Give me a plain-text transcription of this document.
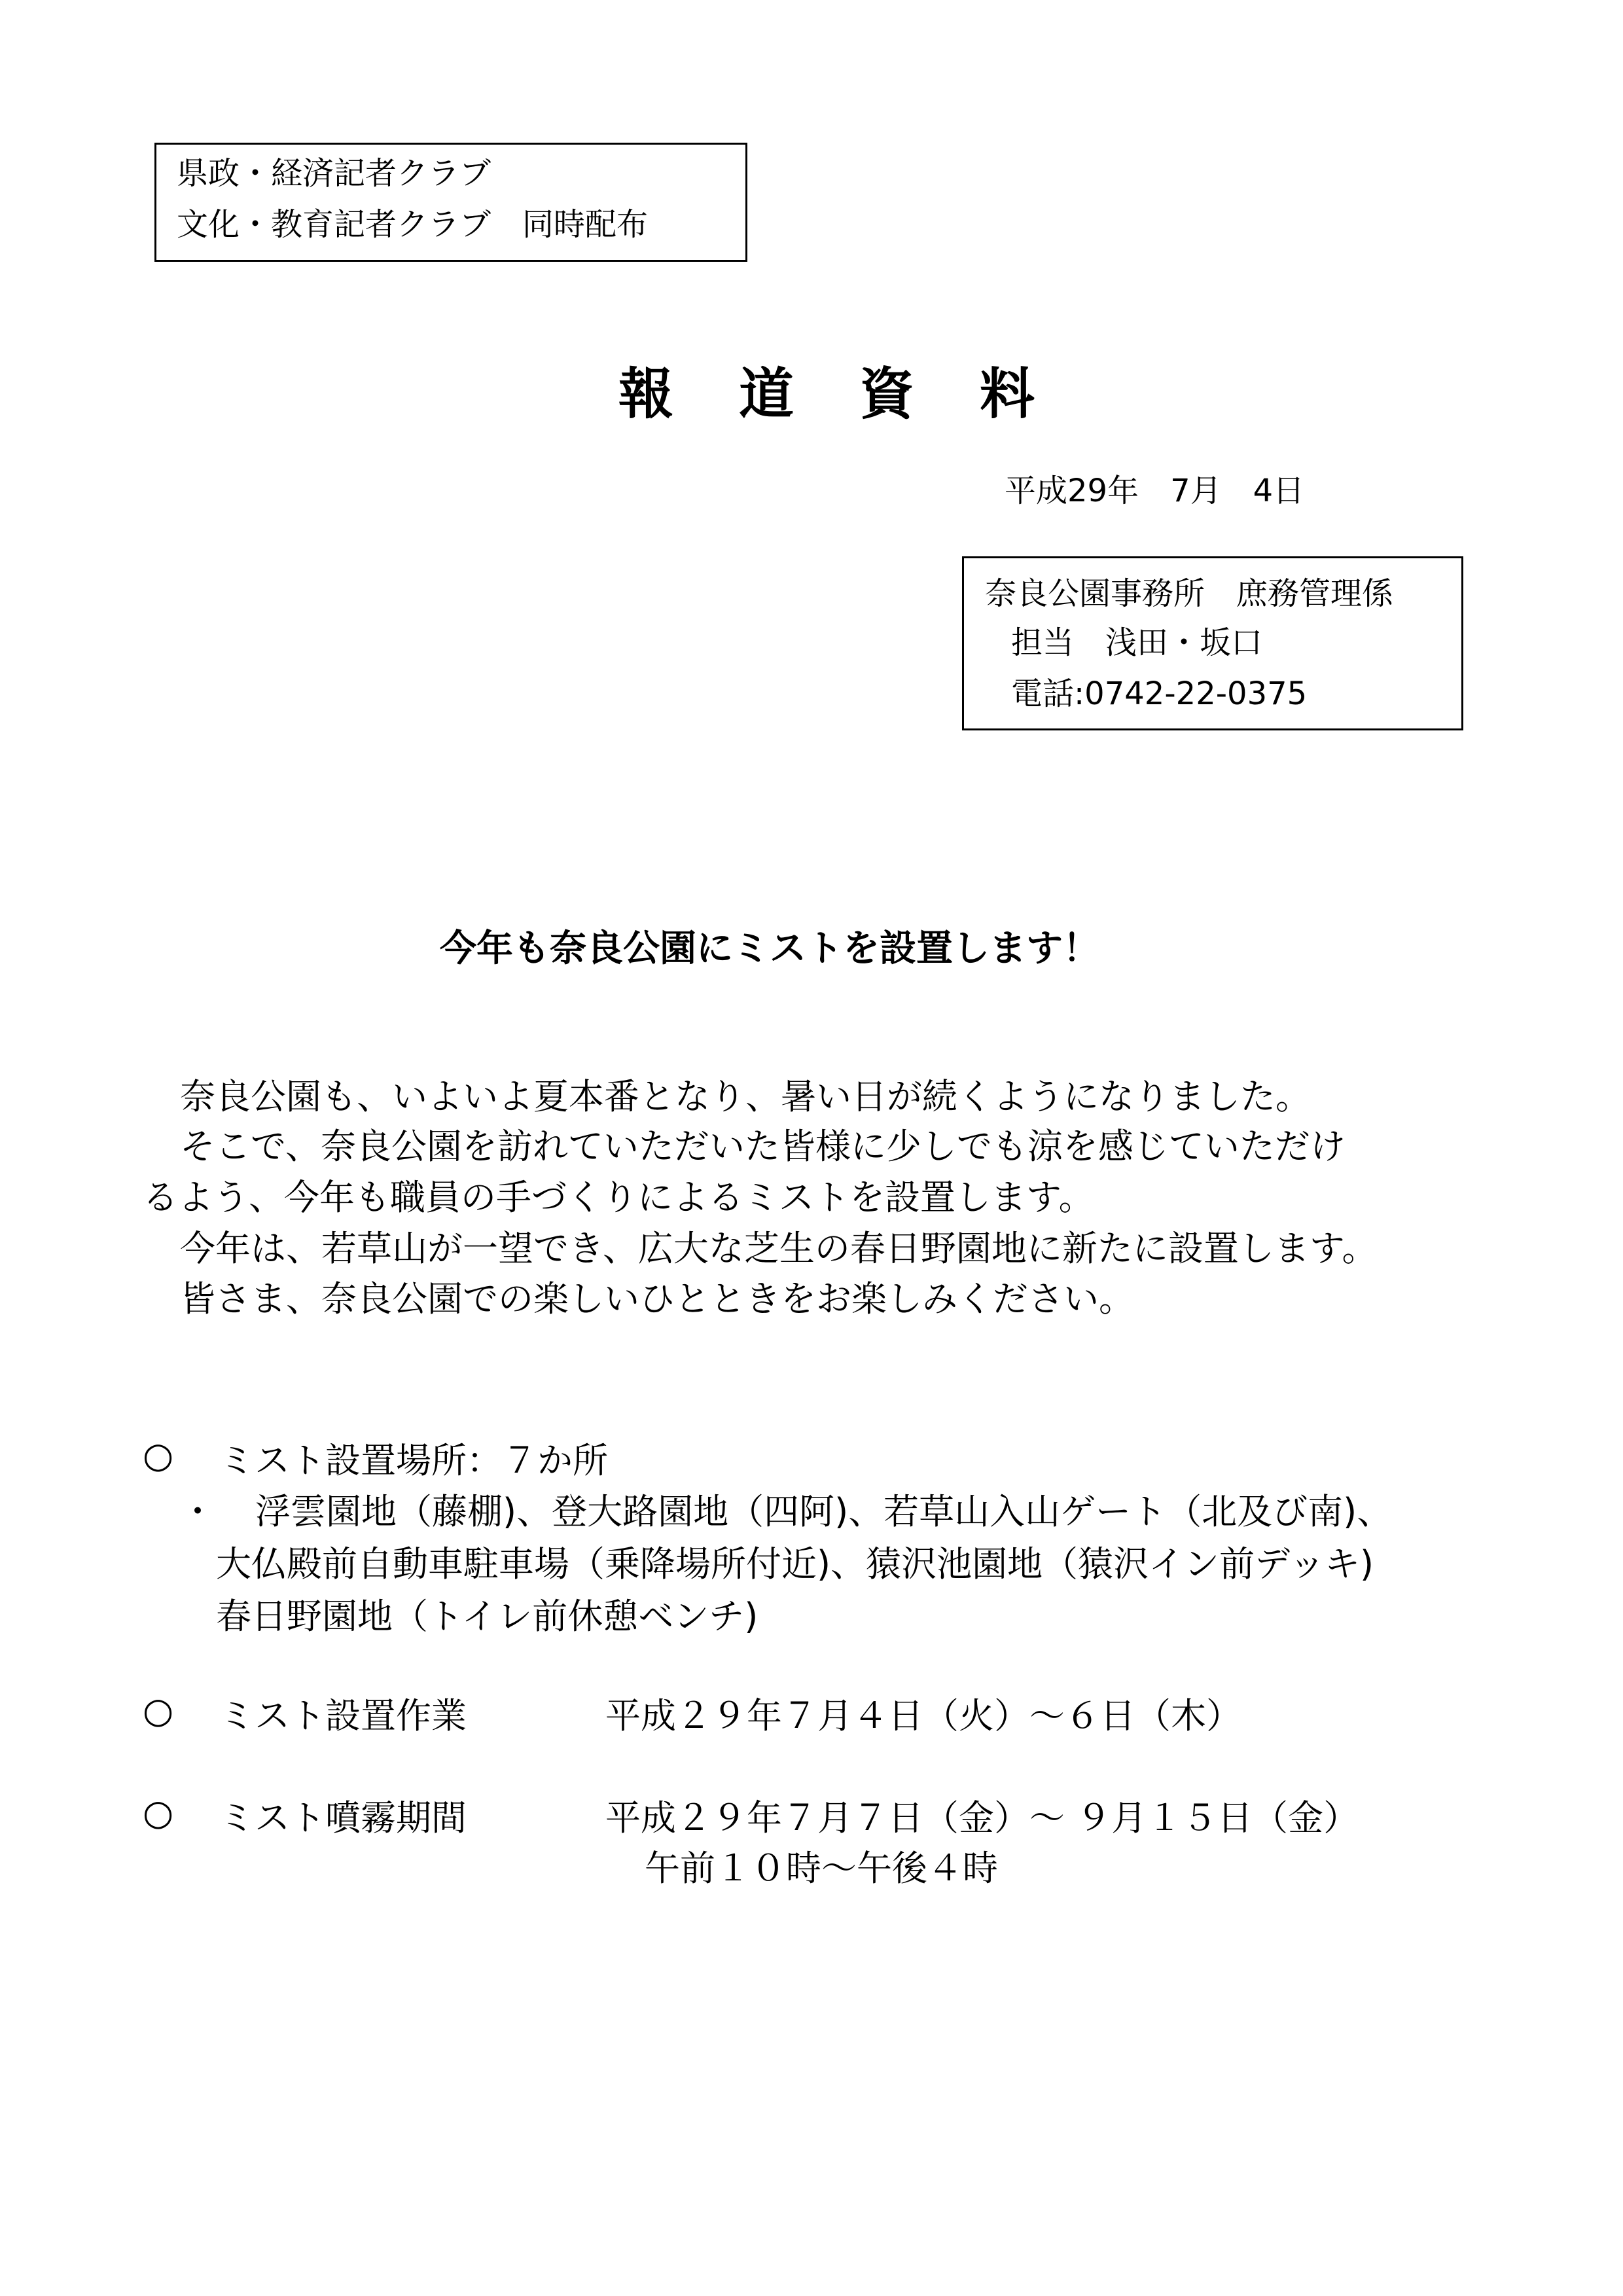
県政・経済記者クラブ
文化・教育記者クラブ　同時配布
報道資料
平成29年　7月　4日
奈良公園事務所　庶務管理係
担当　浅田・坂口
電話:0742-22-0375
今年も奈良公園にミストを設置します！
奈良公園も、いよいよ夏本番となり、暑い日が続くようになりました。
そこで、奈良公園を訪れていただいた皆様に少しでも涼を感じていただけ
るよう、今年も職員の手づくりによるミストを設置します。
今年は、若草山が一望でき、広大な芝生の春日野園地に新たに設置します。
皆さま、奈良公園での楽しいひとときをお楽しみください。
○ ミスト設置場所：７か所
・ 浮雲園地（藤棚)、登大路園地（四阿)、若草山入山ゲート（北及び南)、
大仏殿前自動車駐車場（乗降場所付近)、猿沢池園地（猿沢イン前デッキ)
春日野園地（トイレ前休憩ベンチ)
○ ミスト設置作業	平成２９年７月４日（火）～６日（木）
○ ミスト噴霧期間	平成２９年７月７日（金）～ ９月１５日（金）
午前１０時～午後４時
